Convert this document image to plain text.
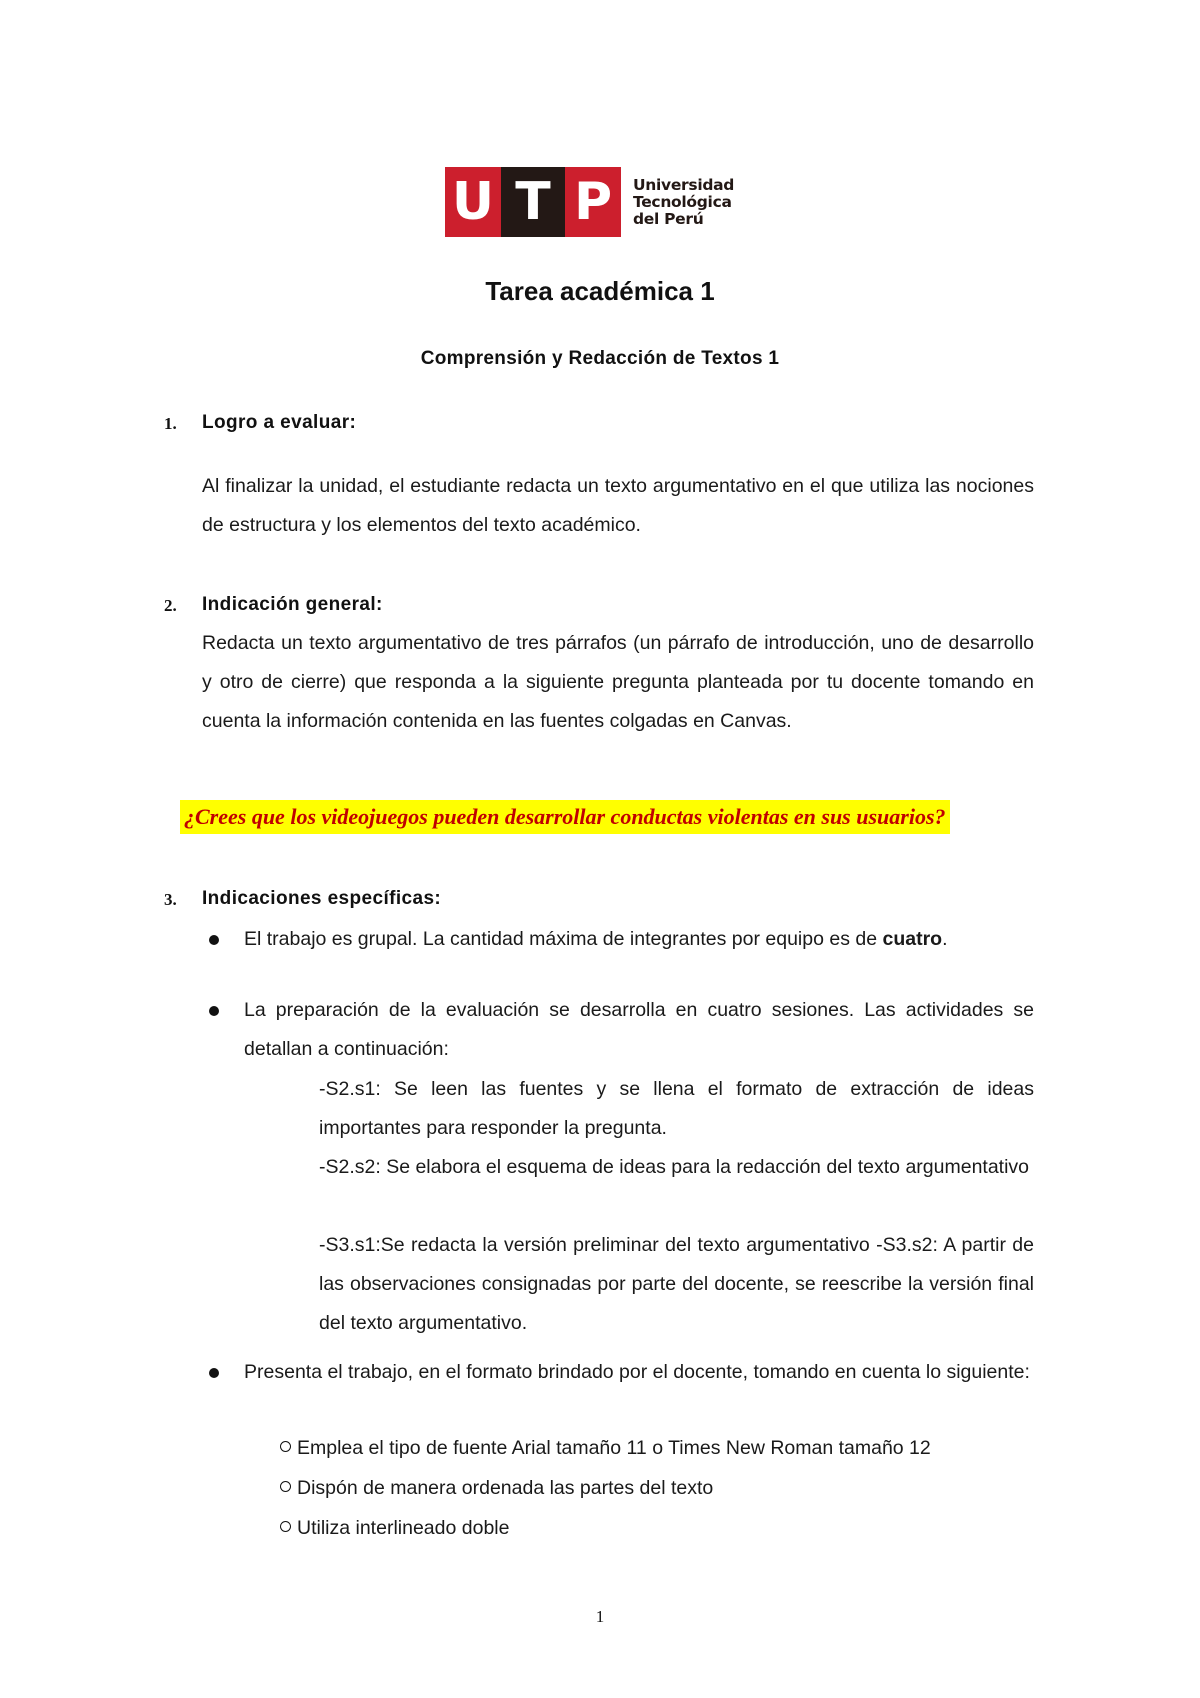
U T P	Universidad
Tecnológica
del Perú
Tarea académica 1
Comprensión y Redacción de Textos 1
1. Logro a evaluar:
Al finalizar la unidad, el estudiante redacta un texto argumentativo en el que utiliza las nociones de estructura y los elementos del texto académico.
2. Indicación general:
Redacta un texto argumentativo de tres párrafos (un párrafo de introducción, uno de desarrollo y otro de cierre) que responda a la siguiente pregunta planteada por tu docente tomando en cuenta la información contenida en las fuentes colgadas en Canvas.
¿Crees que los videojuegos pueden desarrollar conductas violentas en sus usuarios?
3. Indicaciones específicas:
El trabajo es grupal. La cantidad máxima de integrantes por equipo es de cuatro.
La preparación de la evaluación se desarrolla en cuatro sesiones. Las actividades se detallan a continuación:
-S2.s1: Se leen las fuentes y se llena el formato de extracción de ideas importantes para responder la pregunta.
-S2.s2: Se elabora el esquema de ideas para la redacción del texto argumentativo
-S3.s1:Se redacta la versión preliminar del texto argumentativo -S3.s2: A partir de las observaciones consignadas por parte del docente, se reescribe la versión final del texto argumentativo.
Presenta el trabajo, en el formato brindado por el docente, tomando en cuenta lo siguiente:
Emplea el tipo de fuente Arial tamaño 11 o Times New Roman tamaño 12
Dispón de manera ordenada las partes del texto
Utiliza interlineado doble
1
